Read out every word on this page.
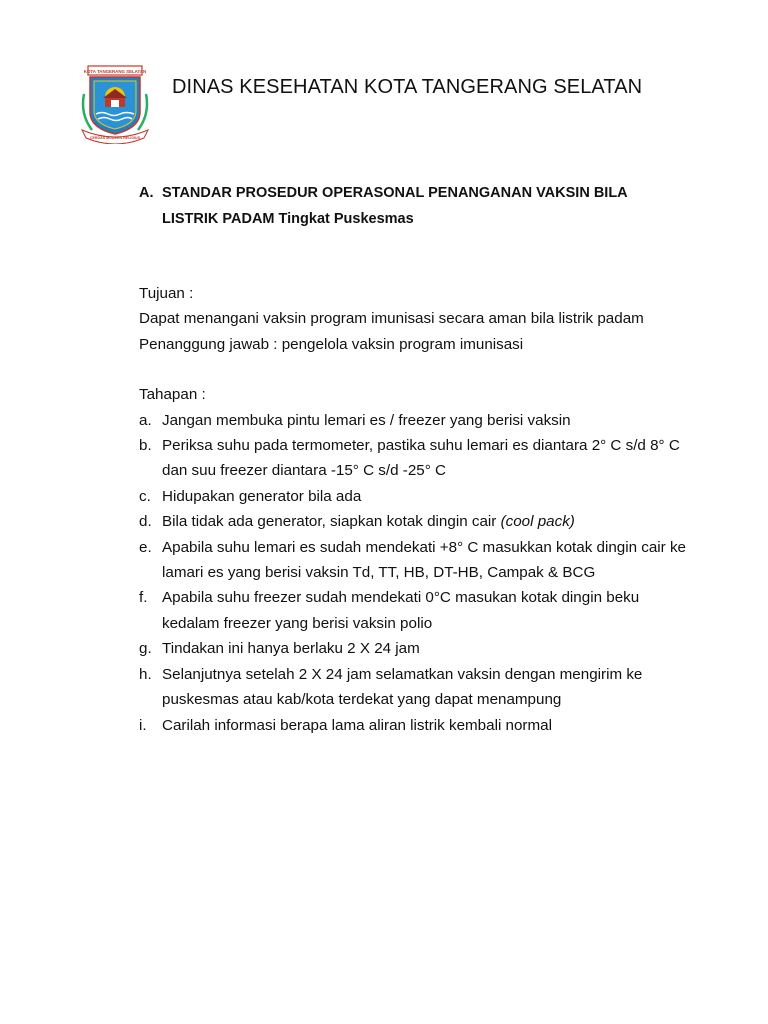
KOTA TANGERANG SELATAN
CERDAS MODERN RELIGIUS
DINAS KESEHATAN KOTA TANGERANG SELATAN
A. STANDAR PROSEDUR OPERASONAL PENANGANAN VAKSIN BILA
LISTRIK PADAM Tingkat Puskesmas

Tujuan :

Dapat menangani vaksin program imunisasi secara aman bila listrik padam

Penanggung jawab : pengelola vaksin program imunisasi

Tahapan :

a. Jangan membuka pintu lemari es / freezer yang berisi vaksin
b. Periksa suhu pada termometer, pastika suhu lemari es diantara 2° C s/d 8° C dan suu freezer diantara -15° C s/d -25° C
c. Hidupakan generator bila ada
d. Bila tidak ada generator, siapkan kotak dingin cair (cool pack)
e. Apabila suhu lemari es sudah mendekati +8° C masukkan kotak dingin cair ke lamari es yang berisi vaksin Td, TT, HB, DT-HB, Campak & BCG
f. Apabila suhu freezer sudah mendekati 0°C masukan kotak dingin beku kedalam freezer yang berisi vaksin polio
g. Tindakan ini hanya berlaku 2 X 24 jam
h. Selanjutnya setelah 2 X 24 jam selamatkan vaksin dengan mengirim ke puskesmas atau kab/kota terdekat yang dapat menampung
i. Carilah informasi berapa lama aliran listrik kembali normal
